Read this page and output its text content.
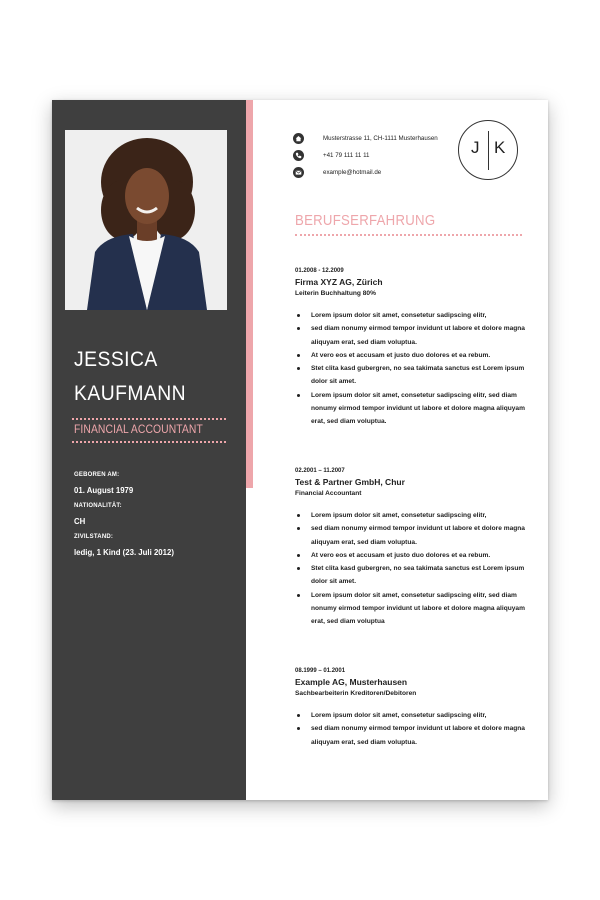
JESSICA
KAUFMANN
FINANCIAL ACCOUNTANT
GEBOREN AM:
01. August 1979
NATIONALITÄT:
CH
ZIVILSTAND:
ledig, 1 Kind (23. Juli 2012)
Musterstrasse 11, CH-1111 Musterhausen
+41 79 111 11 11
example@hotmail.de
J K
BERUFSERFAHRUNG
01.2008 - 12.2009
Firma XYZ AG, Zürich
Leiterin Buchhaltung 80%
Lorem ipsum dolor sit amet, consetetur sadipscing elitr,
sed diam nonumy eirmod tempor invidunt ut labore et dolore magna aliquyam erat, sed diam voluptua.
At vero eos et accusam et justo duo dolores et ea rebum.
Stet clita kasd gubergren, no sea takimata sanctus est Lorem ipsum dolor sit amet.
Lorem ipsum dolor sit amet, consetetur sadipscing elitr, sed diam nonumy eirmod tempor invidunt ut labore et dolore magna aliquyam erat, sed diam voluptua.
02.2001 – 11.2007
Test & Partner GmbH, Chur
Financial Accountant
Lorem ipsum dolor sit amet, consetetur sadipscing elitr,
sed diam nonumy eirmod tempor invidunt ut labore et dolore magna aliquyam erat, sed diam voluptua.
At vero eos et accusam et justo duo dolores et ea rebum.
Stet clita kasd gubergren, no sea takimata sanctus est Lorem ipsum dolor sit amet.
Lorem ipsum dolor sit amet, consetetur sadipscing elitr, sed diam nonumy eirmod tempor invidunt ut labore et dolore magna aliquyam erat, sed diam voluptua
08.1999 – 01.2001
Example AG, Musterhausen
Sachbearbeiterin Kreditoren/Debitoren
Lorem ipsum dolor sit amet, consetetur sadipscing elitr,
sed diam nonumy eirmod tempor invidunt ut labore et dolore magna aliquyam erat, sed diam voluptua.
